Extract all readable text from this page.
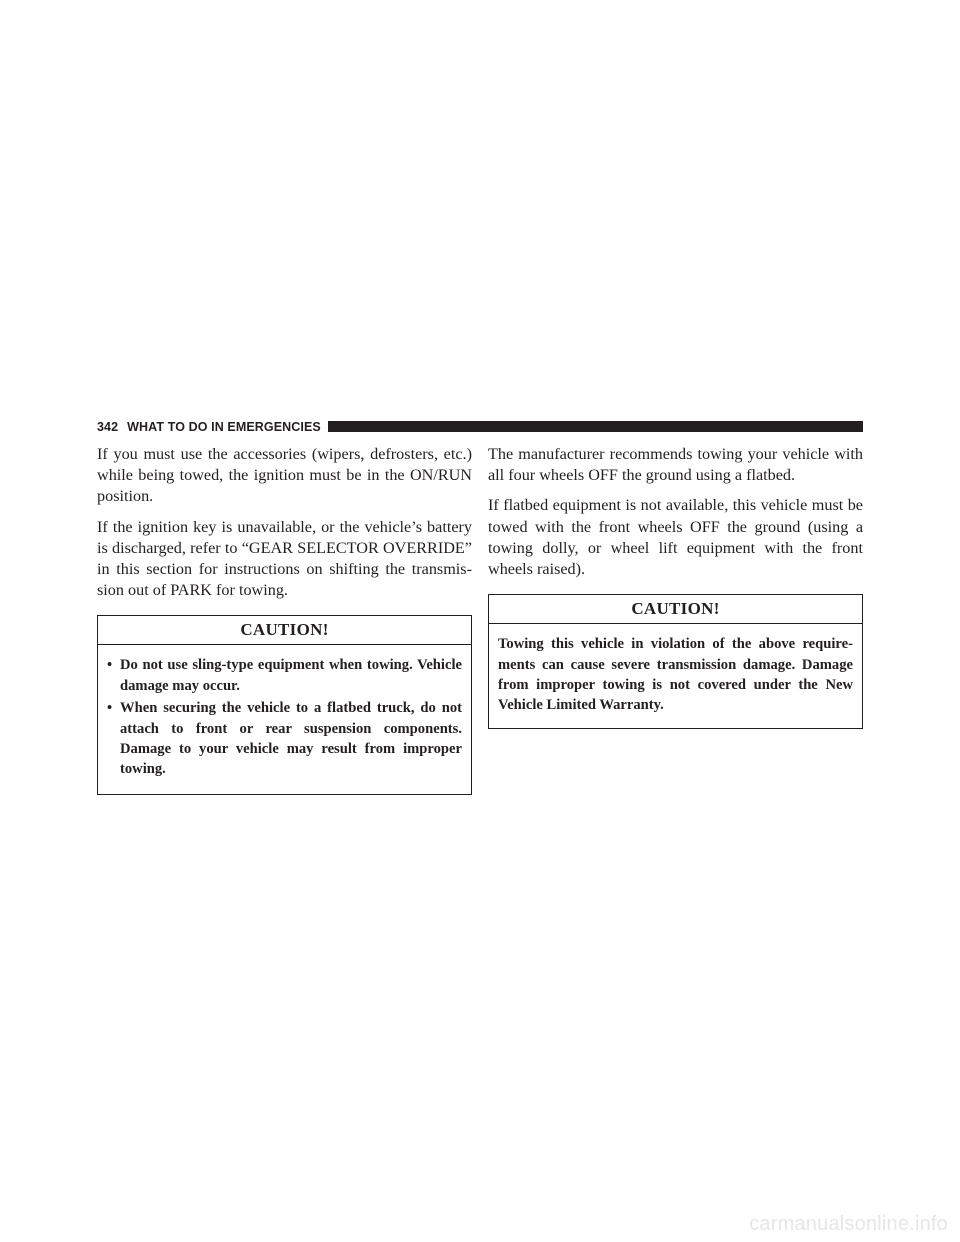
342 WHAT TO DO IN EMERGENCIES

If you must use the accessories (wipers, defrosters, etc.) while being towed, the ignition must be in the ON/RUN position.

If the ignition key is unavailable, or the vehicle’s battery is discharged, refer to “GEAR SELECTOR OVERRIDE” in this section for instructions on shifting the transmission out of PARK for towing.

CAUTION!
• Do not use sling-type equipment when towing. Vehicle damage may occur.
• When securing the vehicle to a flatbed truck, do not attach to front or rear suspension components. Damage to your vehicle may result from improper towing.

The manufacturer recommends towing your vehicle with all four wheels OFF the ground using a flatbed.

If flatbed equipment is not available, this vehicle must be towed with the front wheels OFF the ground (using a towing dolly, or wheel lift equipment with the front wheels raised).

CAUTION!

Towing this vehicle in violation of the above requirements can cause severe transmission damage. Damage from improper towing is not covered under the New Vehicle Limited Warranty.

carmanualsonline.info
